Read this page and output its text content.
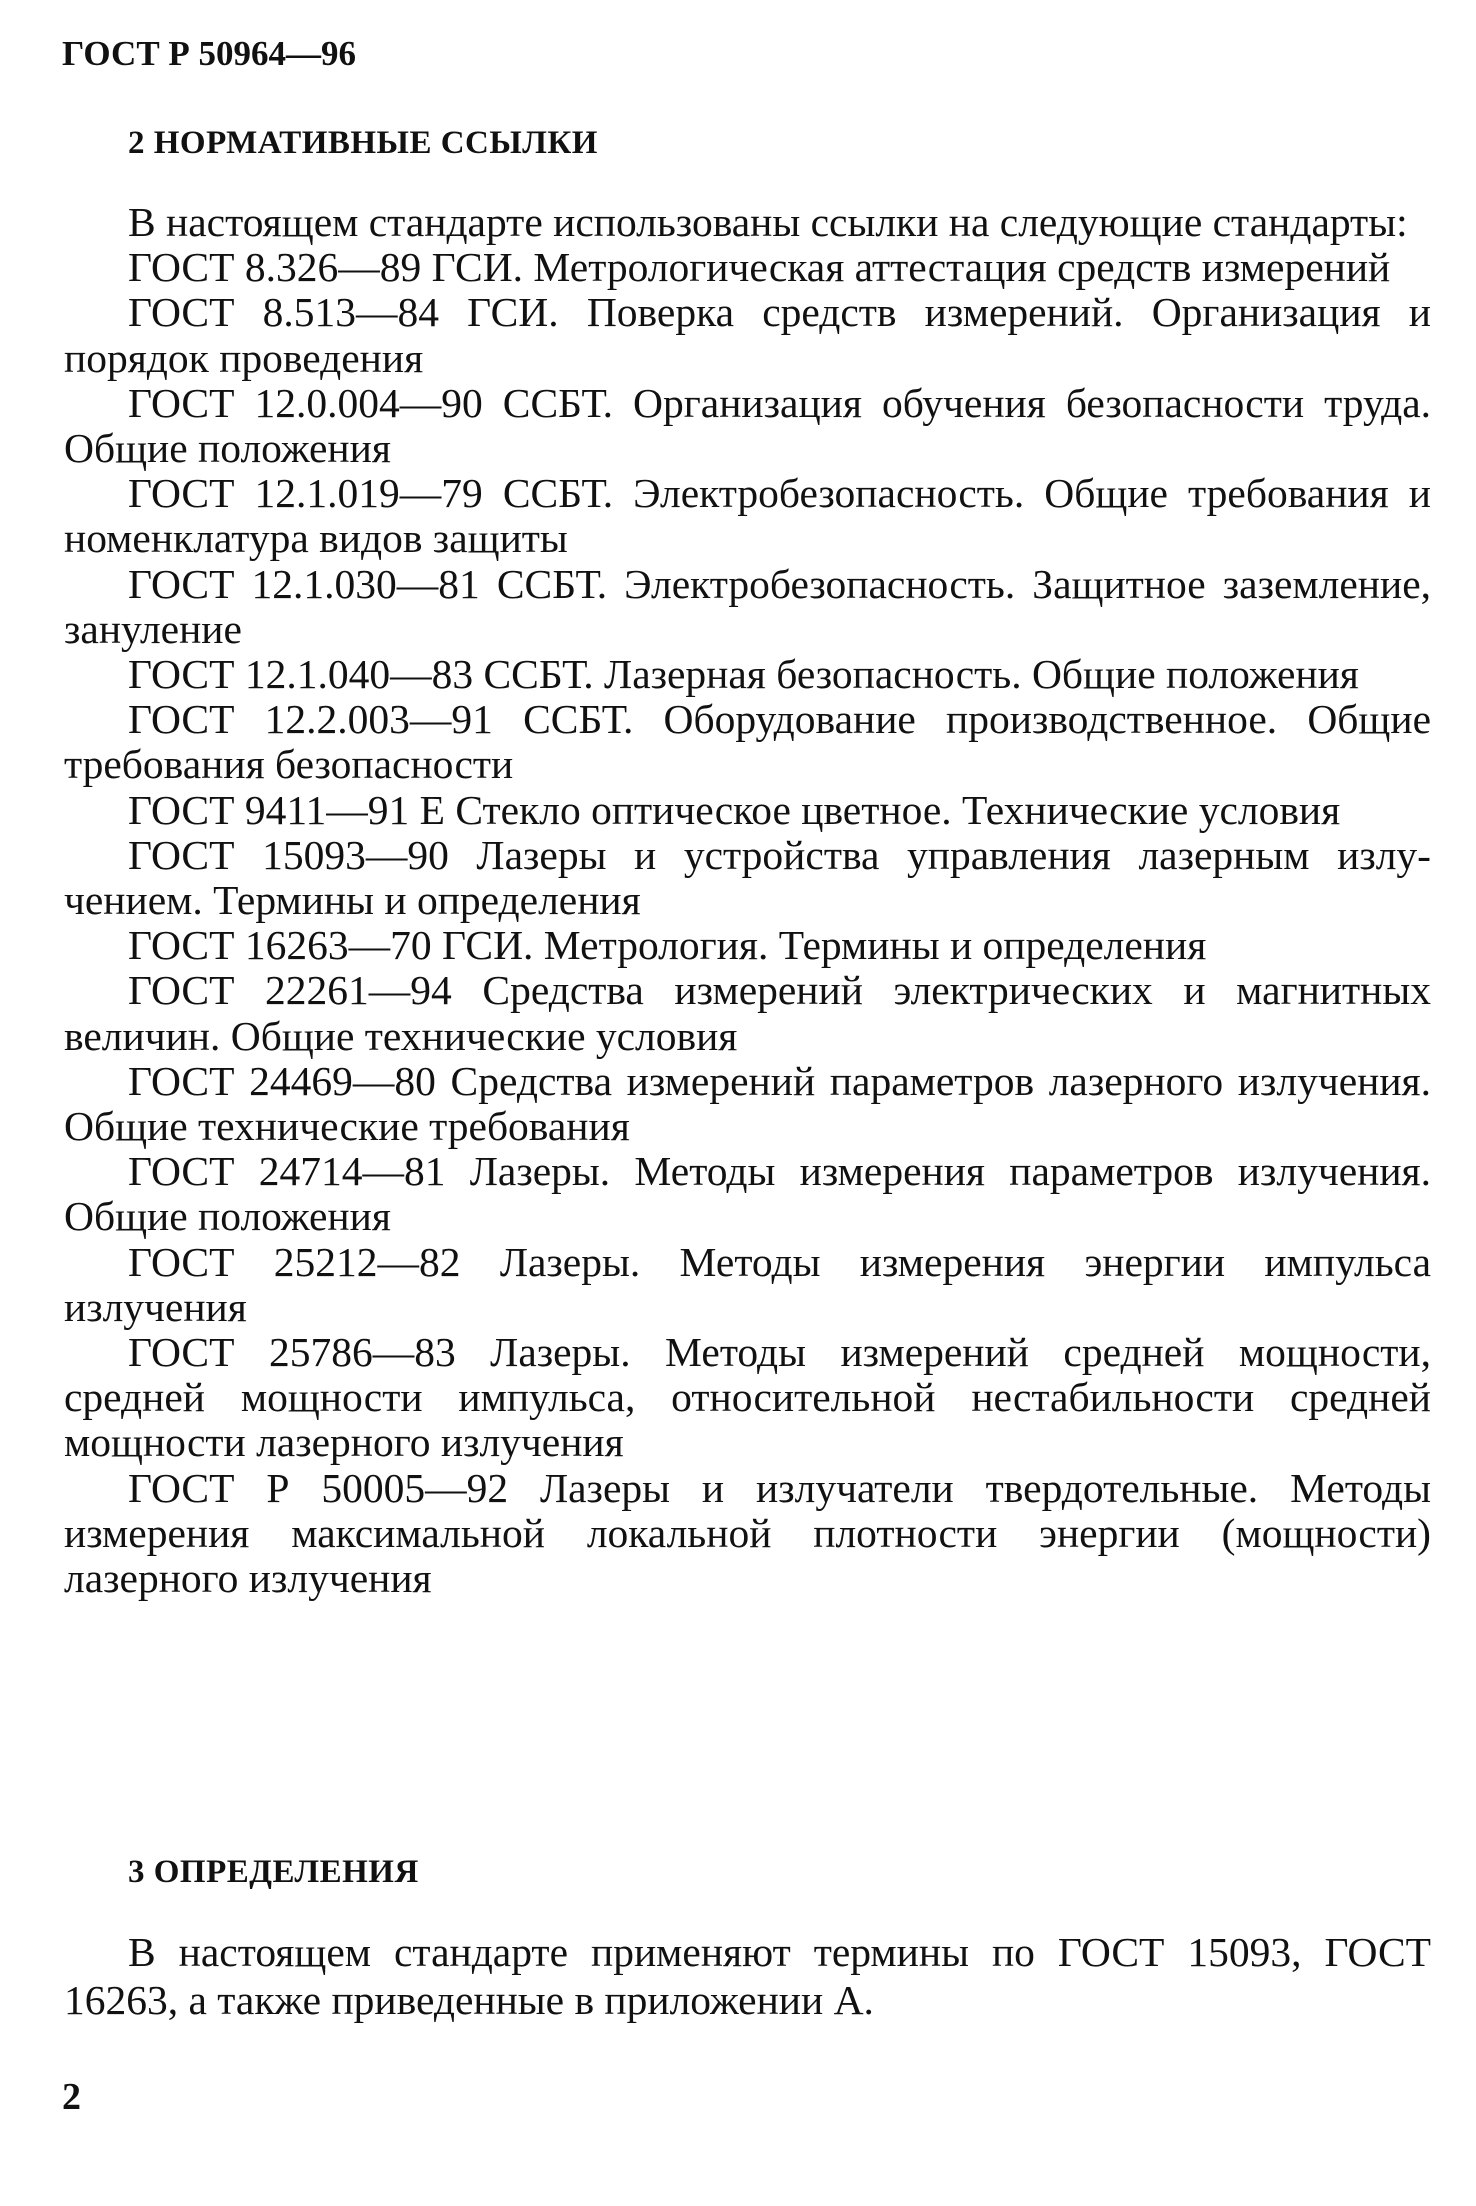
ГОСТ Р 50964—96
2 НОРМАТИВНЫЕ ССЫЛКИ

В настоящем стандарте использованы ссылки на следующие стандарты:

ГОСТ 8.326—89 ГСИ. Метрологическая аттестация средств измерений

ГОСТ 8.513—84 ГСИ. Поверка средств измерений. Организация и порядок проведения

ГОСТ 12.0.004—90 ССБТ. Организация обучения безопасности труда. Общие положения

ГОСТ 12.1.019—79 ССБТ. Электробезопасность. Общие требования и номенклатура видов защиты

ГОСТ 12.1.030—81 ССБТ. Электробезопасность. Защитное заземление, зануление

ГОСТ 12.1.040—83 ССБТ. Лазерная безопасность. Общие положения

ГОСТ 12.2.003—91 ССБТ. Оборудование производственное. Общие требования безопасности

ГОСТ 9411—91 Е Стекло оптическое цветное. Технические условия

ГОСТ 15093—90 Лазеры и устройства управления лазерным излучением. Термины и определения

ГОСТ 16263—70 ГСИ. Метрология. Термины и определения

ГОСТ 22261—94 Средства измерений электрических и магнитных величин. Общие технические условия

ГОСТ 24469—80 Средства измерений параметров лазерного излучения. Общие технические требования

ГОСТ 24714—81 Лазеры. Методы измерения параметров излучения. Общие положения

ГОСТ 25212—82 Лазеры. Методы измерения энергии импульса излучения

ГОСТ 25786—83 Лазеры. Методы измерений средней мощности, средней мощности импульса, относительной нестабильности средней мощности лазерного излучения

ГОСТ Р 50005—92 Лазеры и излучатели твердотельные. Методы измерения максимальной локальной плотности энергии (мощности) лазерного излучения

3 ОПРЕДЕЛЕНИЯ

В настоящем стандарте применяют термины по ГОСТ 15093, ГОСТ 16263, а также приведенные в приложении А.

2
